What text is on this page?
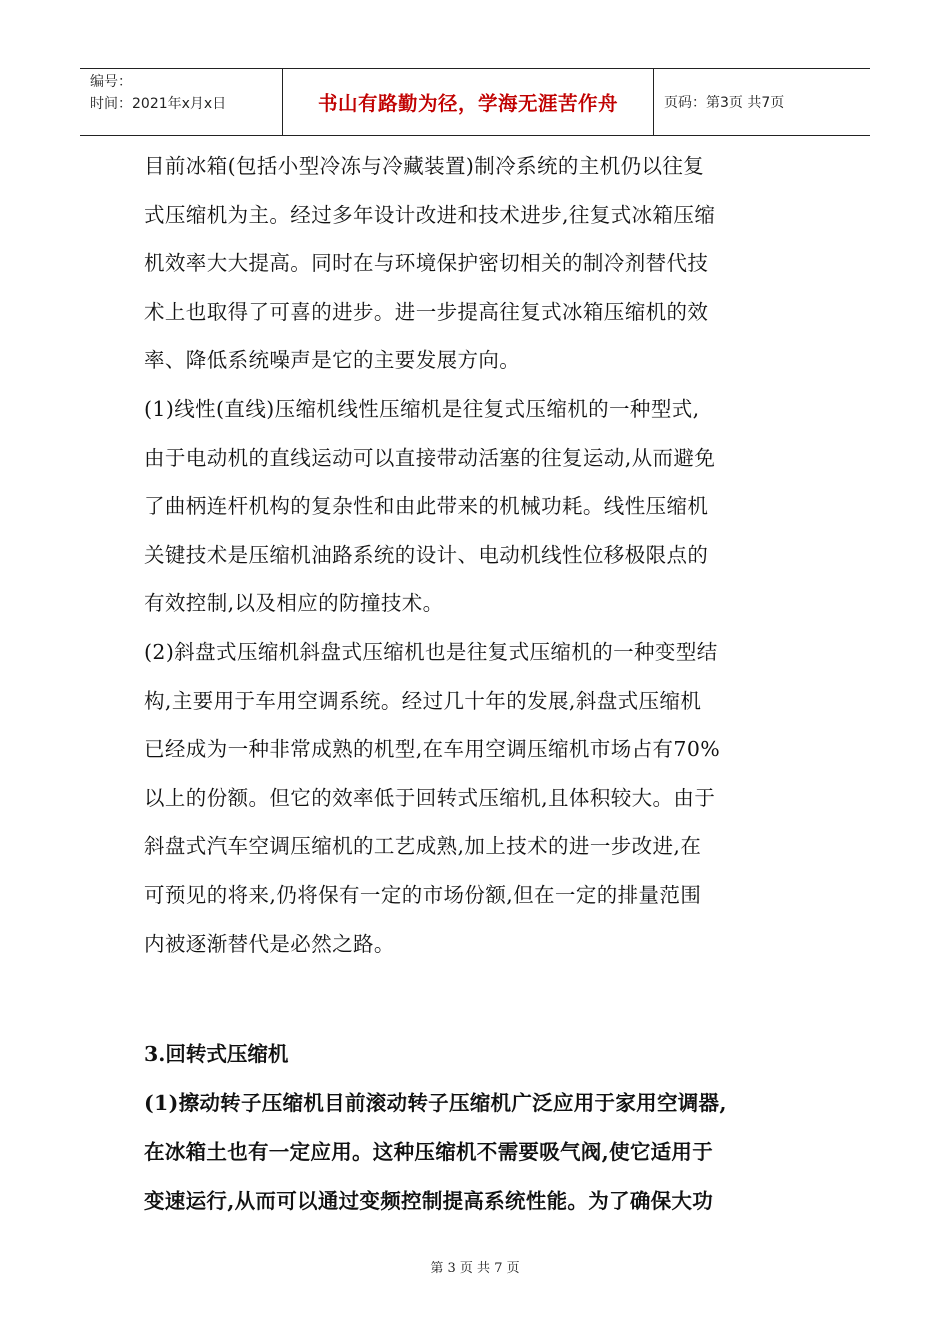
编号：
时间：2021年x月x日	书山有路勤为径，学海无涯苦作舟	页码：第3页 共7页

目前冰箱(包括小型冷冻与冷藏装置)制冷系统的主机仍以往复
式压缩机为主。经过多年设计改进和技术进步,往复式冰箱压缩
机效率大大提高。同时在与环境保护密切相关的制冷剂替代技
术上也取得了可喜的进步。进一步提高往复式冰箱压缩机的效
率、降低系统噪声是它的主要发展方向。

(1)线性(直线)压缩机线性压缩机是往复式压缩机的一种型式,
由于电动机的直线运动可以直接带动活塞的往复运动,从而避免
了曲柄连杆机构的复杂性和由此带来的机械功耗。线性压缩机
关键技术是压缩机油路系统的设计、电动机线性位移极限点的
有效控制,以及相应的防撞技术。

(2)斜盘式压缩机斜盘式压缩机也是往复式压缩机的一种变型结
构,主要用于车用空调系统。经过几十年的发展,斜盘式压缩机
已经成为一种非常成熟的机型,在车用空调压缩机市场占有70%
以上的份额。但它的效率低于回转式压缩机,且体积较大。由于
斜盘式汽车空调压缩机的工艺成熟,加上技术的进一步改进,在
可预见的将来,仍将保有一定的市场份额,但在一定的排量范围
内被逐渐替代是必然之路。

3.回转式压缩机

(1)擦动转子压缩机目前滚动转子压缩机广泛应用于家用空调器,
在冰箱土也有一定应用。这种压缩机不需要吸气阀,使它适用于
变速运行,从而可以通过变频控制提高系统性能。为了确保大功

第 3 页 共 7 页
